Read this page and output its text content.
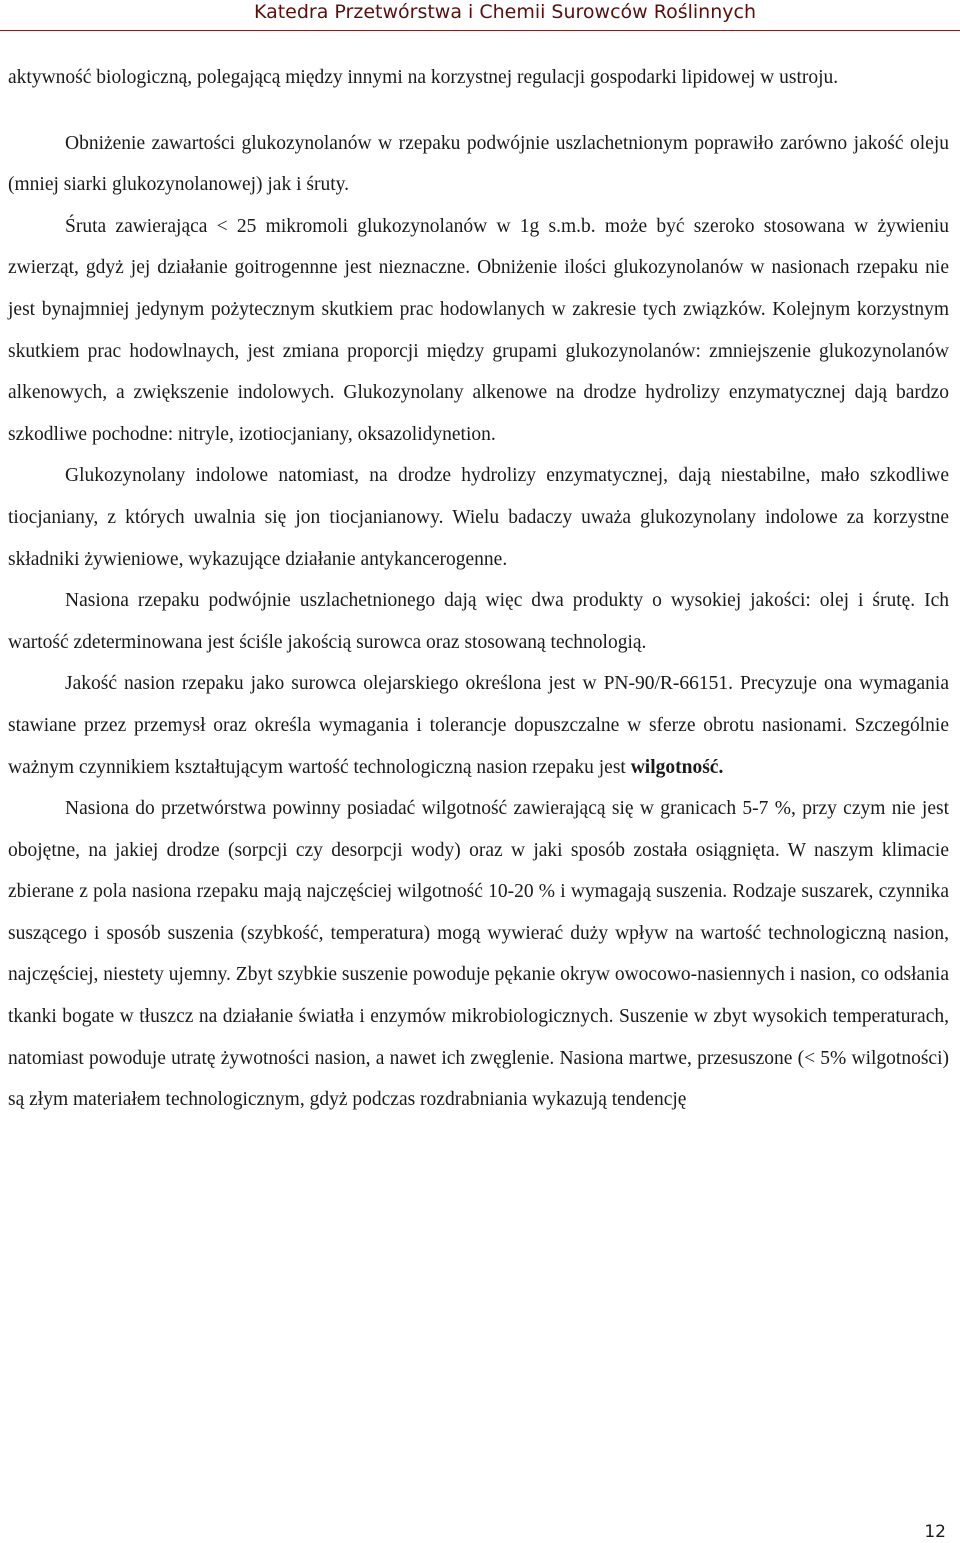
Katedra Przetwórstwa i Chemii Surowców Roślinnych

aktywność biologiczną, polegającą między innymi na korzystnej regulacji gospodarki lipidowej w ustroju.

Obniżenie zawartości glukozynolanów w rzepaku podwójnie uszlachetnionym poprawiło zarówno jakość oleju (mniej siarki glukozynolanowej) jak i śruty.

Śruta zawierająca < 25 mikromoli glukozynolanów w 1g s.m.b. może być szeroko stosowana w żywieniu zwierząt, gdyż jej działanie goitrogennne jest nieznaczne. Obniżenie ilości glukozynolanów w nasionach rzepaku nie jest bynajmniej jedynym pożytecznym skutkiem prac hodowlanych w zakresie tych związków. Kolejnym korzystnym skutkiem prac hodowlnaych, jest zmiana proporcji między grupami glukozynolanów: zmniejszenie glukozynolanów alkenowych, a zwiększenie indolowych. Glukozynolany alkenowe na drodze hydrolizy enzymatycznej dają bardzo szkodliwe pochodne: nitryle, izotiocjaniany, oksazolidynetion.

Glukozynolany indolowe natomiast, na drodze hydrolizy enzymatycznej, dają niestabilne, mało szkodliwe tiocjaniany, z których uwalnia się jon tiocjanianowy. Wielu badaczy uważa glukozynolany indolowe za korzystne składniki żywieniowe, wykazujące działanie antykancerogenne.

Nasiona rzepaku podwójnie uszlachetnionego dają więc dwa produkty o wysokiej jakości: olej i śrutę. Ich wartość zdeterminowana jest ściśle jakością surowca oraz stosowaną technologią.

Jakość nasion rzepaku jako surowca olejarskiego określona jest w PN-90/R-66151. Precyzuje ona wymagania stawiane przez przemysł oraz określa wymagania i tolerancje dopuszczalne w sferze obrotu nasionami. Szczególnie ważnym czynnikiem kształtującym wartość technologiczną nasion rzepaku jest wilgotność.

Nasiona do przetwórstwa powinny posiadać wilgotność zawierającą się w granicach 5-7 %, przy czym nie jest obojętne, na jakiej drodze (sorpcji czy desorpcji wody) oraz w jaki sposób została osiągnięta. W naszym klimacie zbierane z pola nasiona rzepaku mają najczęściej wilgotność 10-20 % i wymagają suszenia. Rodzaje suszarek, czynnika suszącego i sposób suszenia (szybkość, temperatura) mogą wywierać duży wpływ na wartość technologiczną nasion, najczęściej, niestety ujemny. Zbyt szybkie suszenie powoduje pękanie okryw owocowo-nasiennych i nasion, co odsłania tkanki bogate w tłuszcz na działanie światła i enzymów mikrobiologicznych. Suszenie w zbyt wysokich temperaturach, natomiast powoduje utratę żywotności nasion, a nawet ich zwęglenie. Nasiona martwe, przesuszone (< 5% wilgotności) są złym materiałem technologicznym, gdyż podczas rozdrabniania wykazują tendencję

12
